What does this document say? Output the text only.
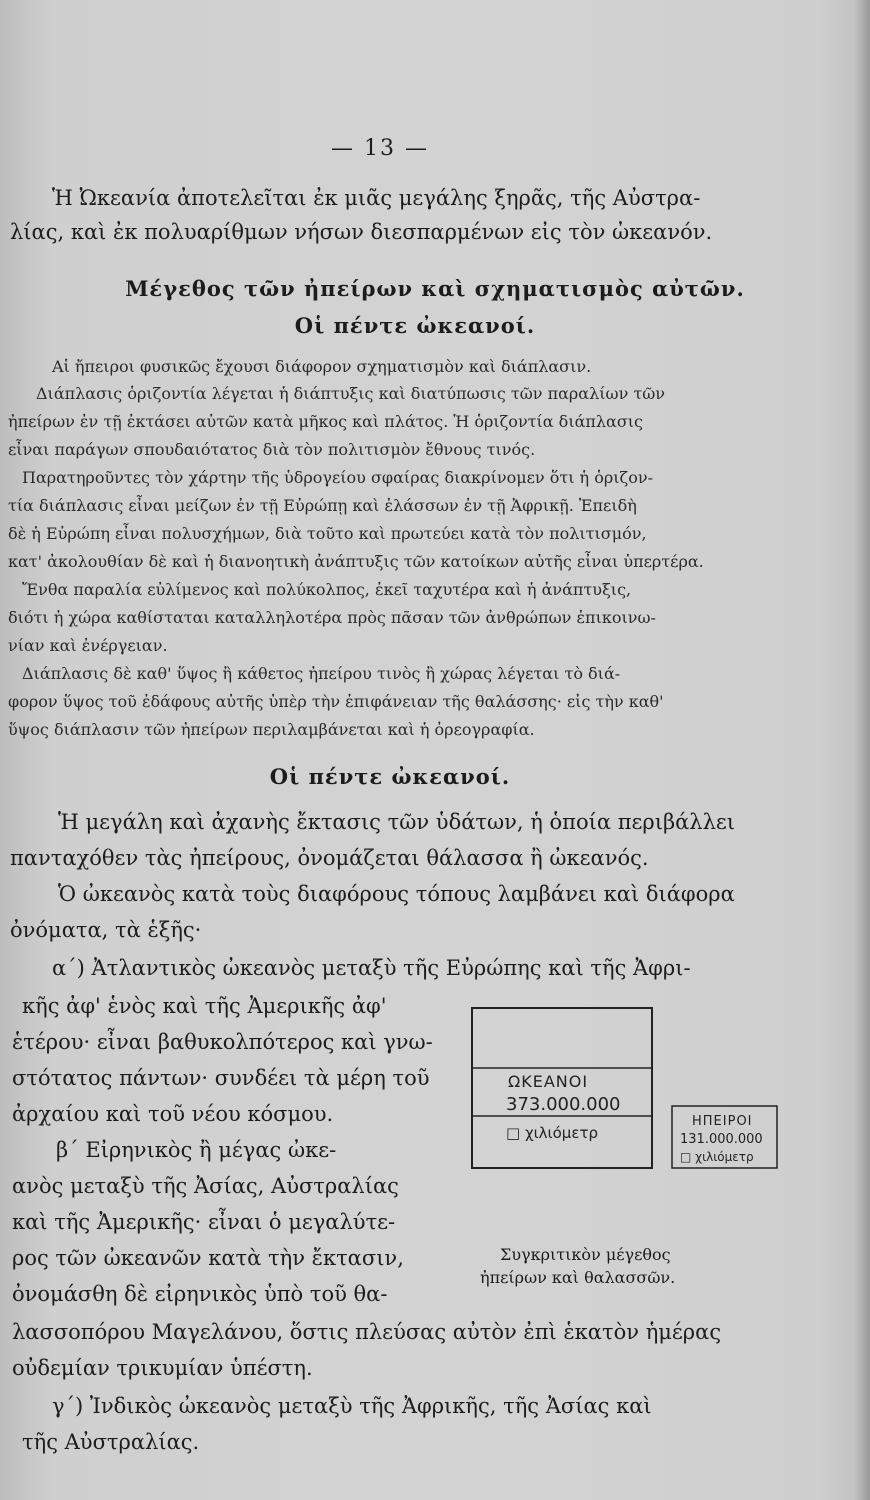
— 13 —
Ἡ Ὠκεανία ἀποτελεῖται ἐκ μιᾶς μεγάλης ξηρᾶς, τῆς Αὐστρα-
λίας, καὶ ἐκ πολυαρίθμων νήσων διεσπαρμένων εἰς τὸν ὠκεανόν.
Μέγεθος τῶν ἠπείρων καὶ σχηματισμὸς αὐτῶν.
Οἱ πέντε ὠκεανοί.
Αἱ ἤπειροι φυσικῶς ἔχουσι διάφορον σχηματισμὸν καὶ διάπλασιν.
Διάπλασις ὁριζοντία λέγεται ἡ διάπτυξις καὶ διατύπωσις τῶν παραλίων τῶν
ἠπείρων ἐν τῇ ἐκτάσει αὐτῶν κατὰ μῆκος καὶ πλάτος. Ἡ ὁριζοντία διάπλασις
εἶναι παράγων σπουδαιότατος διὰ τὸν πολιτισμὸν ἔθνους τινός.
Παρατηροῦντες τὸν χάρτην τῆς ὑδρογείου σφαίρας διακρίνομεν ὅτι ἡ ὁριζον-
τία διάπλασις εἶναι μείζων ἐν τῇ Εὐρώπῃ καὶ ἐλάσσων ἐν τῇ Ἀφρικῇ. Ἐπειδὴ
δὲ ἡ Εὐρώπη εἶναι πολυσχήμων, διὰ τοῦτο καὶ πρωτεύει κατὰ τὸν πολιτισμόν,
κατ' ἀκολουθίαν δὲ καὶ ἡ διανοητικὴ ἀνάπτυξις τῶν κατοίκων αὐτῆς εἶναι ὑπερτέρα.
Ἔνθα παραλία εὐλίμενος καὶ πολύκολπος, ἐκεῖ ταχυτέρα καὶ ἡ ἀνάπτυξις,
διότι ἡ χώρα καθίσταται καταλληλοτέρα πρὸς πᾶσαν τῶν ἀνθρώπων ἐπικοινω-
νίαν καὶ ἐνέργειαν.
Διάπλασις δὲ καθ' ὕψος ἢ κάθετος ἠπείρου τινὸς ἢ χώρας λέγεται τὸ διά-
φορον ὕψος τοῦ ἐδάφους αὐτῆς ὑπὲρ τὴν ἐπιφάνειαν τῆς θαλάσσης· εἰς τὴν καθ'
ὕψος διάπλασιν τῶν ἠπείρων περιλαμβάνεται καὶ ἡ ὀρεογραφία.
Οἱ πέντε ὠκεανοί.
Ἡ μεγάλη καὶ ἀχανὴς ἔκτασις τῶν ὑδάτων, ἡ ὁποία περιβάλλει
πανταχόθεν τὰς ἠπείρους, ὀνομάζεται θάλασσα ἢ ὠκεανός.
Ὁ ὠκεανὸς κατὰ τοὺς διαφόρους τόπους λαμβάνει καὶ διάφορα
ὀνόματα, τὰ ἑξῆς·
α΄) Ἀτλαντικὸς ὠκεανὸς μεταξὺ τῆς Εὐρώπης καὶ τῆς Ἀφρι-
κῆς ἀφ' ἑνὸς καὶ τῆς Ἀμερικῆς ἀφ'
ἑτέρου· εἶναι βαθυκολπότερος καὶ γνω-
στότατος πάντων· συνδέει τὰ μέρη τοῦ
ἀρχαίου καὶ τοῦ νέου κόσμου.
β΄ Εἰρηνικὸς ἢ μέγας ὠκε-
ανὸς μεταξὺ τῆς Ἀσίας, Αὐστραλίας
καὶ τῆς Ἀμερικῆς· εἶναι ὁ μεγαλύτε-
ρος τῶν ὠκεανῶν κατὰ τὴν ἔκτασιν,
ὀνομάσθη δὲ εἰρηνικὸς ὑπὸ τοῦ θα-
λασσοπόρου Μαγελάνου, ὅστις πλεύσας αὐτὸν ἐπὶ ἑκατὸν ἡμέρας
οὐδεμίαν τρικυμίαν ὑπέστη.
γ΄) Ἰνδικὸς ὠκεανὸς μεταξὺ τῆς Ἀφρικῆς, τῆς Ἀσίας καὶ
τῆς Αὐστραλίας.
ΩΚΕΑΝΟΙ
373.000.000
□ χιλιόμετρ
ΗΠΕΙΡΟΙ
131.000.000
□ χιλιόμετρ
Συγκριτικὸν μέγεθος
ἠπείρων καὶ θαλασσῶν.
